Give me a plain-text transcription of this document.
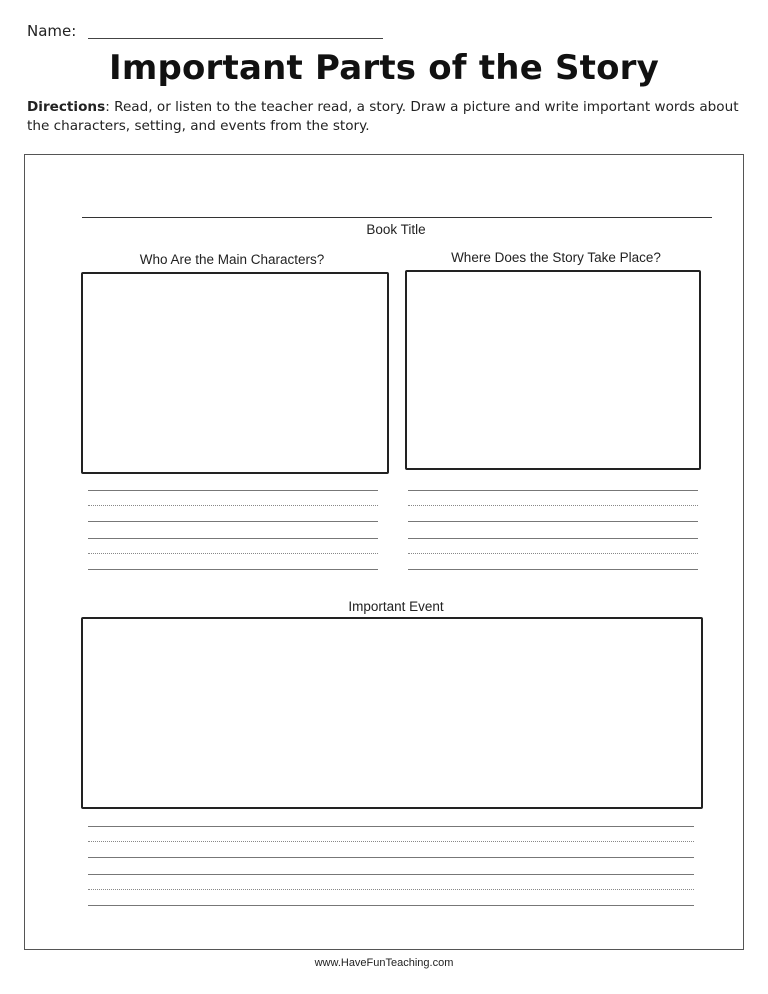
Name:
Important Parts of the Story
Directions: Read, or listen to the teacher read, a story. Draw a picture and write important words about the characters, setting, and events from the story.
Book Title
Who Are the Main Characters?	Where Does the Story Take Place?
Important Event
www.HaveFunTeaching.com
